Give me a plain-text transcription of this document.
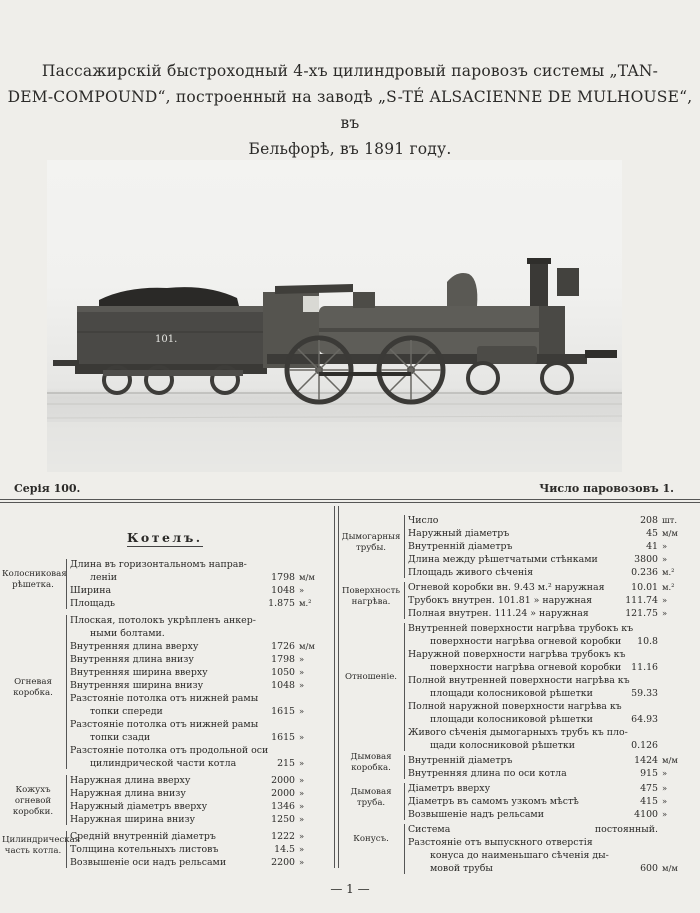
Пассажирскій быстроходный 4-хъ цилиндровый паровозъ системы „TAN-
DEM-COMPOUND“, построенный на заводѣ „S-TÉ ALSACIENNE DE MULHOUSE“, въ
Бельфорѣ, въ 1891 году.
101.
Серія 100.	Число паровозовъ 1.
Котелъ.
Длина въ горизонтальномъ направ-
леніи	1798 м/м
Ширина	1048 »
Площадь	1.875 м.²
Колосниковая рѣшетка.
Плоская, потолокъ укрѣпленъ анкер-
ными болтами.
Внутренняя длина вверху	1726 м/м
Внутренняя длина внизу	1798 »
Внутренняя ширина вверху	1050 »
Внутренняя ширина внизу	1048 »
Разстояніе потолка отъ нижней рамы
топки спереди	1615 »
Разстояніе потолка отъ нижней рамы
топки сзади	1615 »
Разстояніе потолка отъ продольной оси
цилиндрической части котла	215 »
Огневая коробка.
Наружная длина вверху	2000 »
Наружная длина внизу	2000 »
Наружный діаметръ вверху	1346 »
Наружная ширина внизу	1250 »
Кожухъ огневой коробки.
Средній внутренній діаметръ	1222 »
Толщина котельныхъ листовъ	14.5 »
Возвышеніе оси надъ рельсами	2200 »
Цилиндрическая часть котла.
Число	208 шт.
Наружный діаметръ	45 м/м
Внутренній діаметръ	41 »
Длина между рѣшетчатыми стѣнками	3800 »
Площадь живого сѣченія	0.236 м.²
Дымогарныя трубы.
Огневой коробки вн. 9.43 м.² наружная	10.01 м.²
Трубокъ внутрен. 101.81 » наружная	111.74 »
Полная внутрен. 111.24 » наружная	121.75 »
Поверхность нагрѣва.
Внутренней поверхности нагрѣва трубокъ къ
поверхности нагрѣва огневой коробки 10.8
Наружной поверхности нагрѣва трубокъ къ
поверхности нагрѣва огневой коробки 11.16
Полной внутренней поверхности нагрѣва къ
площади колосниковой рѣшетки	59.33
Полной наружной поверхности нагрѣва къ
площади колосниковой рѣшетки	64.93
Живого сѣченія дымогарныхъ трубъ къ пло-
щади колосниковой рѣшетки	0.126
Отношеніе.
Внутренній діаметръ	1424 м/м
Внутренняя длина по оси котла	915 »
Дымовая коробка.
Діаметръ вверху	475 »
Діаметръ въ самомъ узкомъ мѣстѣ	415 »
Возвышеніе надъ рельсами	4100 »
Дымовая труба.
Система	постоянный.
Разстояніе отъ выпускного отверстія
конуса до наименьшаго сѣченія ды-
мовой трубы	600 м/м
Конусъ.
— 1 —
